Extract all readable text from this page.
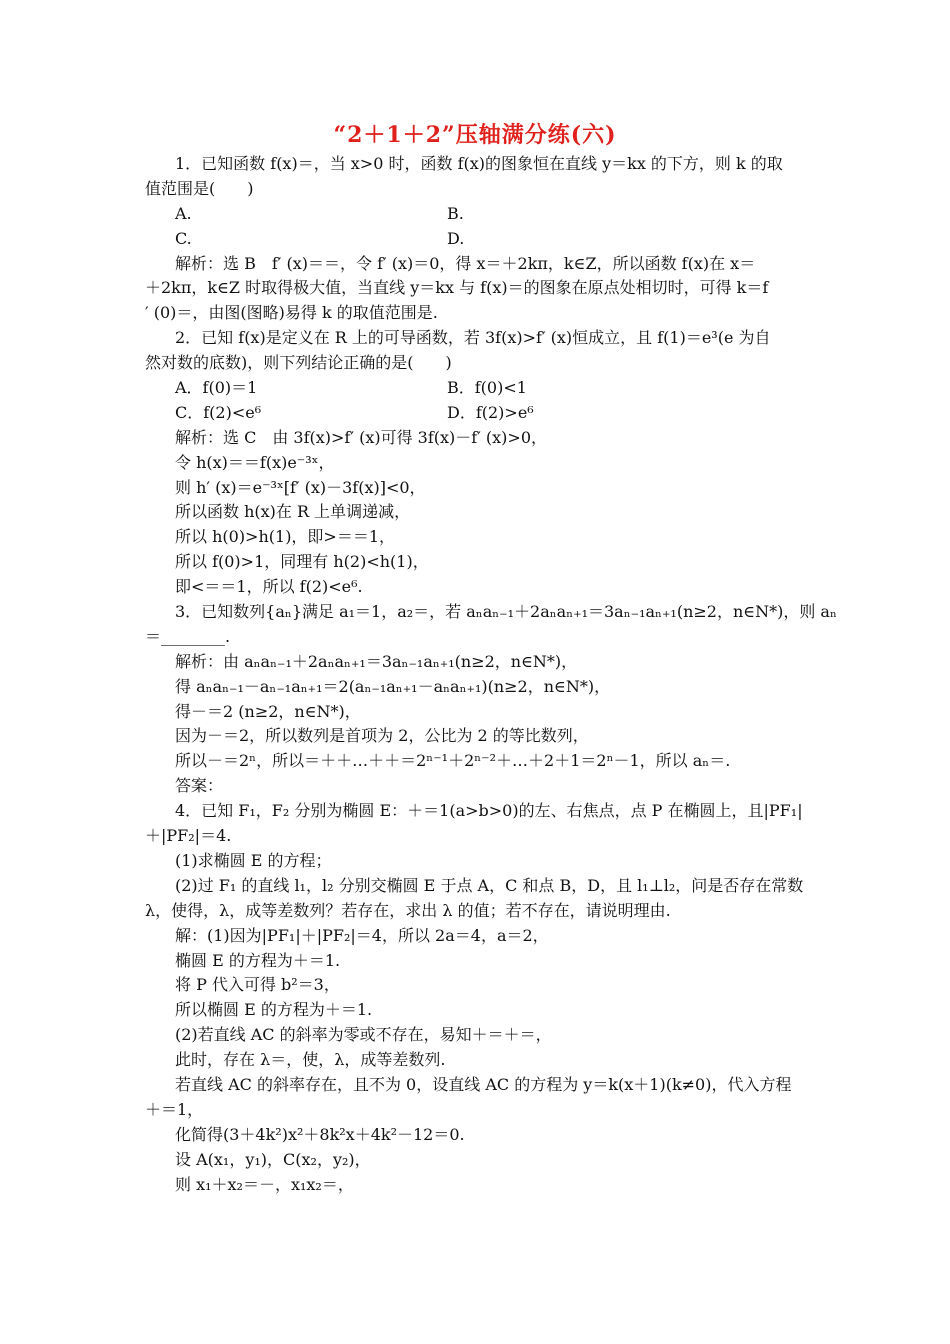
“2＋1＋2”压轴满分练(六)
1．已知函数 f(x)＝，当 x>0 时，函数 f(x)的图象恒在直线 y＝kx 的下方，则 k 的取
值范围是(　　)
A.	B.
C.	D.
解析：选 B　f′ (x)＝＝，令 f′ (x)＝0，得 x＝＋2kπ，k∈Z，所以函数 f(x)在 x＝
＋2kπ，k∈Z 时取得极大值，当直线 y＝kx 与 f(x)＝的图象在原点处相切时，可得 k＝f
′ (0)＝，由图(图略)易得 k 的取值范围是.
2．已知 f(x)是定义在 R 上的可导函数，若 3f(x)>f′ (x)恒成立，且 f(1)＝e³(e 为自
然对数的底数)，则下列结论正确的是(　　)
A．f(0)＝1	B．f(0)<1
C．f(2)<e⁶	D．f(2)>e⁶
解析：选 C　由 3f(x)>f′ (x)可得 3f(x)－f′ (x)>0，
令 h(x)＝＝f(x)e⁻³ˣ，
则 h′ (x)＝e⁻³ˣ[f′ (x)－3f(x)]<0，
所以函数 h(x)在 R 上单调递减，
所以 h(0)>h(1)，即>＝＝1，
所以 f(0)>1，同理有 h(2)<h(1)，
即<＝＝1，所以 f(2)<e⁶.
3．已知数列{aₙ}满足 a₁＝1，a₂＝，若 aₙaₙ₋₁＋2aₙaₙ₊₁＝3aₙ₋₁aₙ₊₁(n≥2，n∈N*)，则 aₙ
＝________.
解析：由 aₙaₙ₋₁＋2aₙaₙ₊₁＝3aₙ₋₁aₙ₊₁(n≥2，n∈N*)，
得 aₙaₙ₋₁－aₙ₋₁aₙ₊₁＝2(aₙ₋₁aₙ₊₁－aₙaₙ₊₁)(n≥2，n∈N*)，
得－＝2 (n≥2，n∈N*)，
因为－＝2，所以数列是首项为 2，公比为 2 的等比数列，
所以－＝2ⁿ，所以＝＋＋…＋＋＝2ⁿ⁻¹＋2ⁿ⁻²＋…＋2＋1＝2ⁿ－1，所以 aₙ＝.
答案：
4．已知 F₁，F₂ 分别为椭圆 E：＋＝1(a>b>0)的左、右焦点，点 P 在椭圆上，且|PF₁|
＋|PF₂|＝4.
(1)求椭圆 E 的方程；
(2)过 F₁ 的直线 l₁，l₂ 分别交椭圆 E 于点 A，C 和点 B，D，且 l₁⊥l₂，问是否存在常数
λ，使得，λ，成等差数列？若存在，求出 λ 的值；若不存在，请说明理由.
解：(1)因为|PF₁|＋|PF₂|＝4，所以 2a＝4，a＝2，
椭圆 E 的方程为＋＝1.
将 P 代入可得 b²＝3，
所以椭圆 E 的方程为＋＝1.
(2)若直线 AC 的斜率为零或不存在，易知＋＝＋＝，
此时，存在 λ＝，使，λ，成等差数列.
若直线 AC 的斜率存在，且不为 0，设直线 AC 的方程为 y＝k(x＋1)(k≠0)，代入方程
＋＝1，
化简得(3＋4k²)x²＋8k²x＋4k²－12＝0.
设 A(x₁，y₁)，C(x₂，y₂)，
则 x₁＋x₂＝－，x₁x₂＝，
